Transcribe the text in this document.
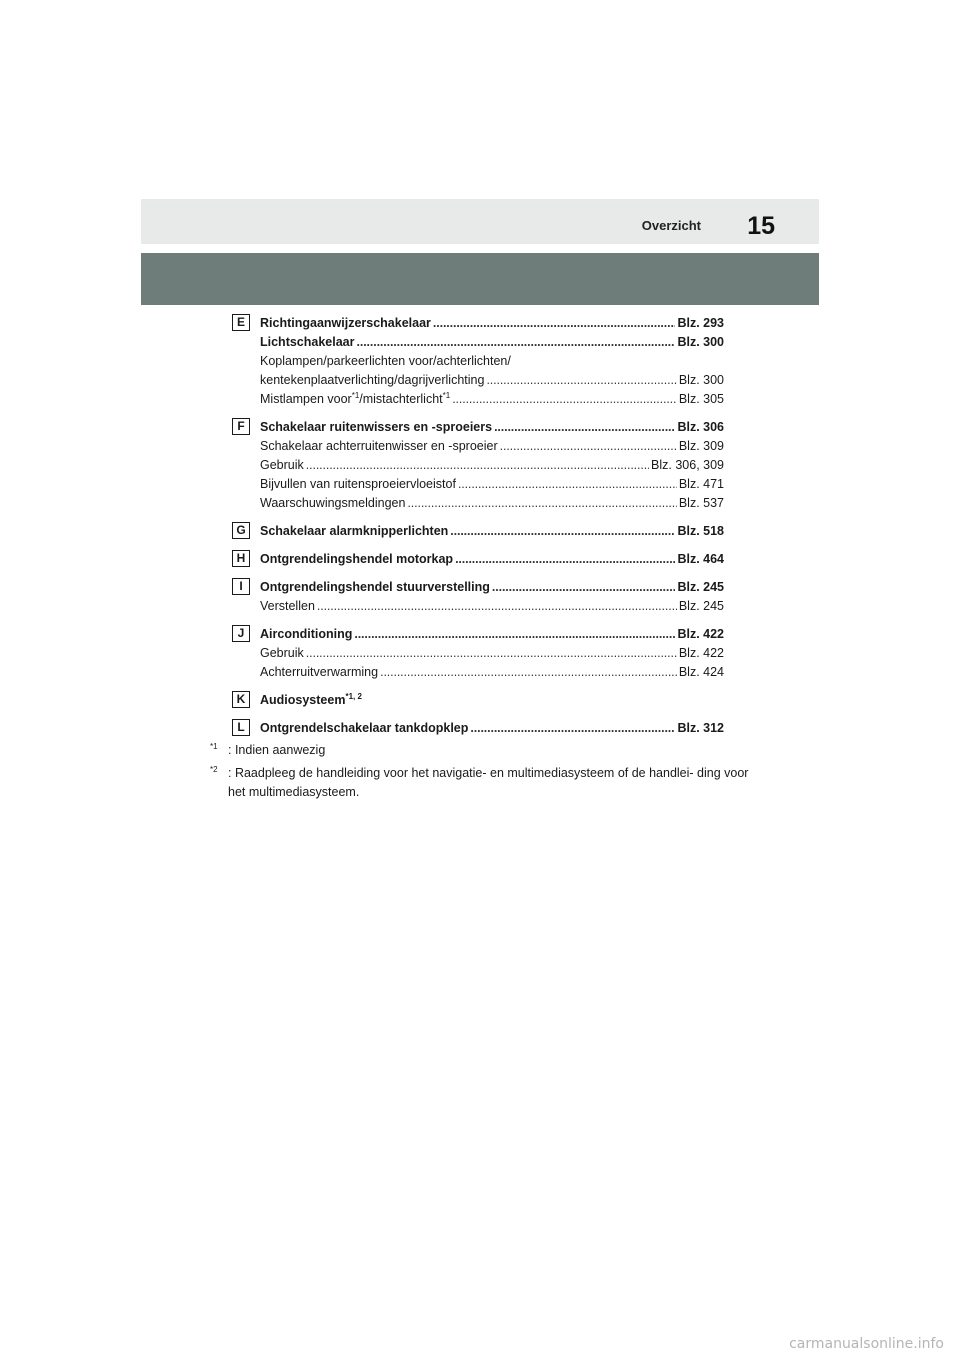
Overzicht 15
E	Richtingaanwijzerschakelaar . . .	Blz. 293
Lichtschakelaar . . .	Blz. 300
Koplampen/parkeerlichten voor/achterlichten/
kentekenplaatverlichting/dagrijverlichting . . .	Blz. 300
Mistlampen voor$^{*1}$/mistachterlicht$^{*1}$ . . .	Blz. 305
F	Schakelaar ruitenwissers en -sproeiers . . .	Blz. 306
Schakelaar achterruitenwisser en -sproeier . . .	Blz. 309
Gebruik . . .	Blz. 306, 309
Bijvullen van ruitensproeiervloeistof . . .	Blz. 471
Waarschuwingsmeldingen . . .	Blz. 537
G	Schakelaar alarmknipperlichten . . .	Blz. 518
H	Ontgrendelingshendel motorkap . . .	Blz. 464
I	Ontgrendelingshendel stuurverstelling . . .	Blz. 245
Verstellen . . .	Blz. 245
J	Airconditioning . . .	Blz. 422
Gebruik . . .	Blz. 422
Achterruitverwarming . . .	Blz. 424
K	Audiosysteem$^{*1, 2}$
L	Ontgrendelschakelaar tankdopklep . . .	Blz. 312
$^{*1}$ : Indien aanwezig
$^{*2}$ : Raadpleeg de handleiding voor het navigatie- en multimediasysteem of de handlei- ding voor het multimediasysteem.
carmanualsonline.info
